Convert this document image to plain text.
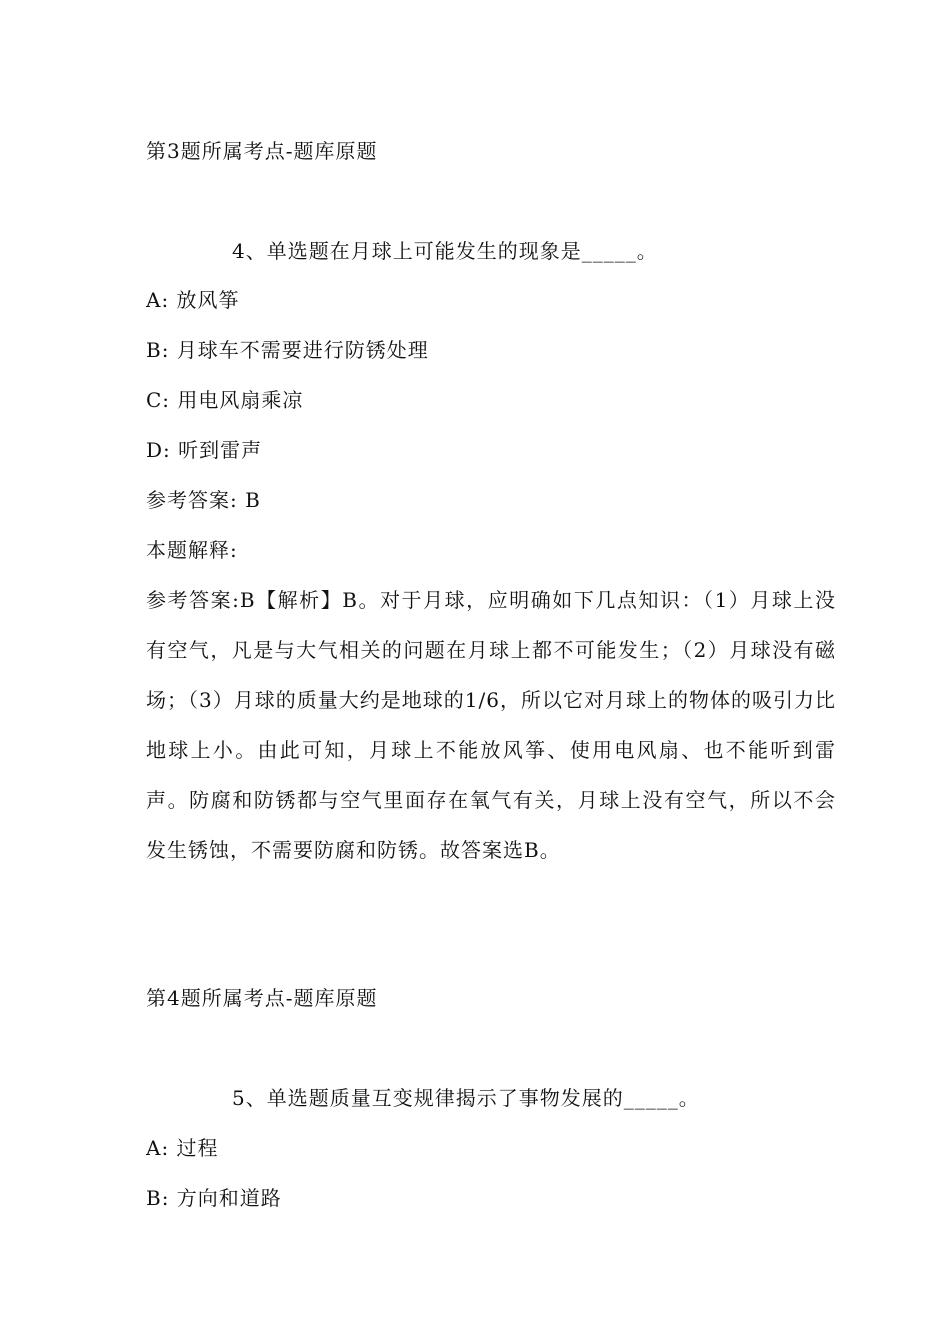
第3题所属考点-题库原题
4、单选题在月球上可能发生的现象是_____。
A: 放风筝
B: 月球车不需要进行防锈处理
C: 用电风扇乘凉
D: 听到雷声
参考答案: B
本题解释:
参考答案:B【解析】B。对于月球，应明确如下几点知识：（1）月球上没有空气，凡是与大气相关的问题在月球上都不可能发生；（2）月球没有磁场；（3）月球的质量大约是地球的1/6，所以它对月球上的物体的吸引力比地球上小。由此可知，月球上不能放风筝、使用电风扇、也不能听到雷声。防腐和防锈都与空气里面存在氧气有关，月球上没有空气，所以不会发生锈蚀，不需要防腐和防锈。故答案选B。
第4题所属考点-题库原题
5、单选题质量互变规律揭示了事物发展的_____。
A: 过程
B: 方向和道路
